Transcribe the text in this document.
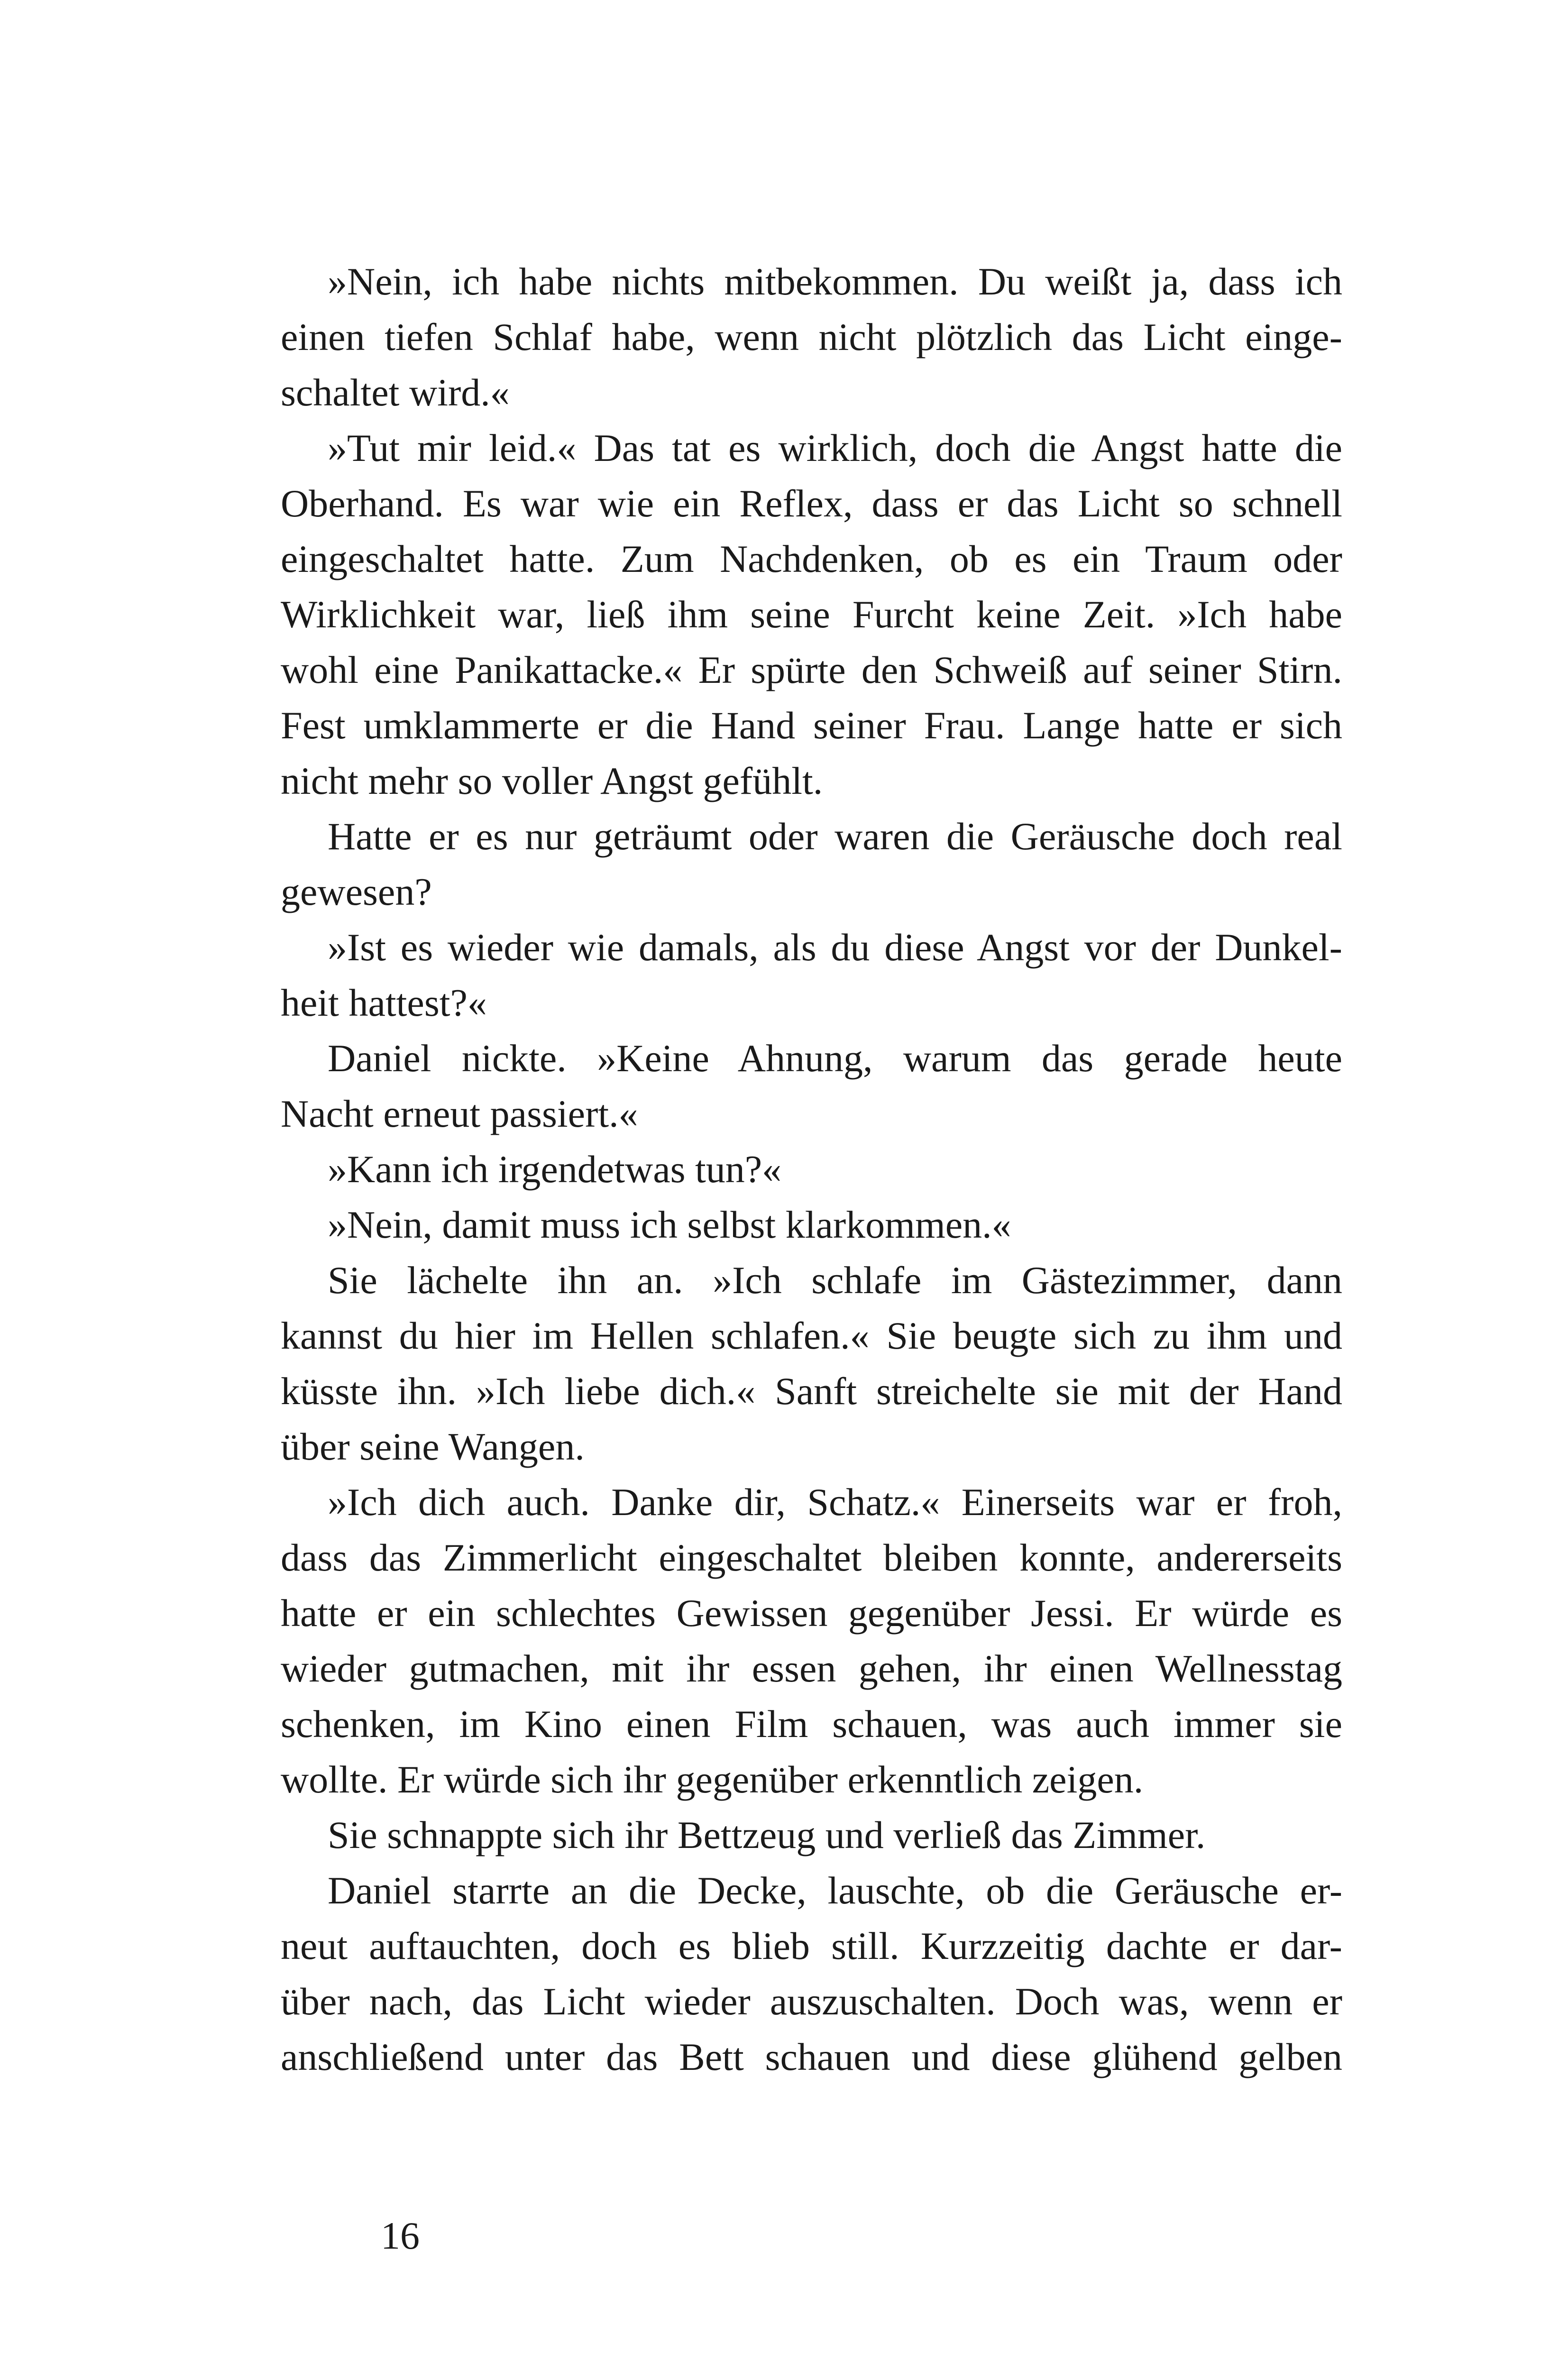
»Nein, ich habe nichts mitbekommen. Du weißt ja, dass ich
einen tiefen Schlaf habe, wenn nicht plötzlich das Licht einge-
schaltet wird.«
»Tut mir leid.« Das tat es wirklich, doch die Angst hatte die
Oberhand. Es war wie ein Reflex, dass er das Licht so schnell
eingeschaltet hatte. Zum Nachdenken, ob es ein Traum oder
Wirklichkeit war, ließ ihm seine Furcht keine Zeit. »Ich habe
wohl eine Panikattacke.« Er spürte den Schweiß auf seiner Stirn.
Fest umklammerte er die Hand seiner Frau. Lange hatte er sich
nicht mehr so voller Angst gefühlt.
Hatte er es nur geträumt oder waren die Geräusche doch real
gewesen?
»Ist es wieder wie damals, als du diese Angst vor der Dunkel-
heit hattest?«
Daniel nickte. »Keine Ahnung, warum das gerade heute
Nacht erneut passiert.«
»Kann ich irgendetwas tun?«
»Nein, damit muss ich selbst klarkommen.«
Sie lächelte ihn an. »Ich schlafe im Gästezimmer, dann
kannst du hier im Hellen schlafen.« Sie beugte sich zu ihm und
küsste ihn. »Ich liebe dich.« Sanft streichelte sie mit der Hand
über seine Wangen.
»Ich dich auch. Danke dir, Schatz.« Einerseits war er froh,
dass das Zimmerlicht eingeschaltet bleiben konnte, andererseits
hatte er ein schlechtes Gewissen gegenüber Jessi. Er würde es
wieder gutmachen, mit ihr essen gehen, ihr einen Wellnesstag
schenken, im Kino einen Film schauen, was auch immer sie
wollte. Er würde sich ihr gegenüber erkenntlich zeigen.
Sie schnappte sich ihr Bettzeug und verließ das Zimmer.
Daniel starrte an die Decke, lauschte, ob die Geräusche er-
neut auftauchten, doch es blieb still. Kurzzeitig dachte er dar-
über nach, das Licht wieder auszuschalten. Doch was, wenn er
anschließend unter das Bett schauen und diese glühend gelben
16
